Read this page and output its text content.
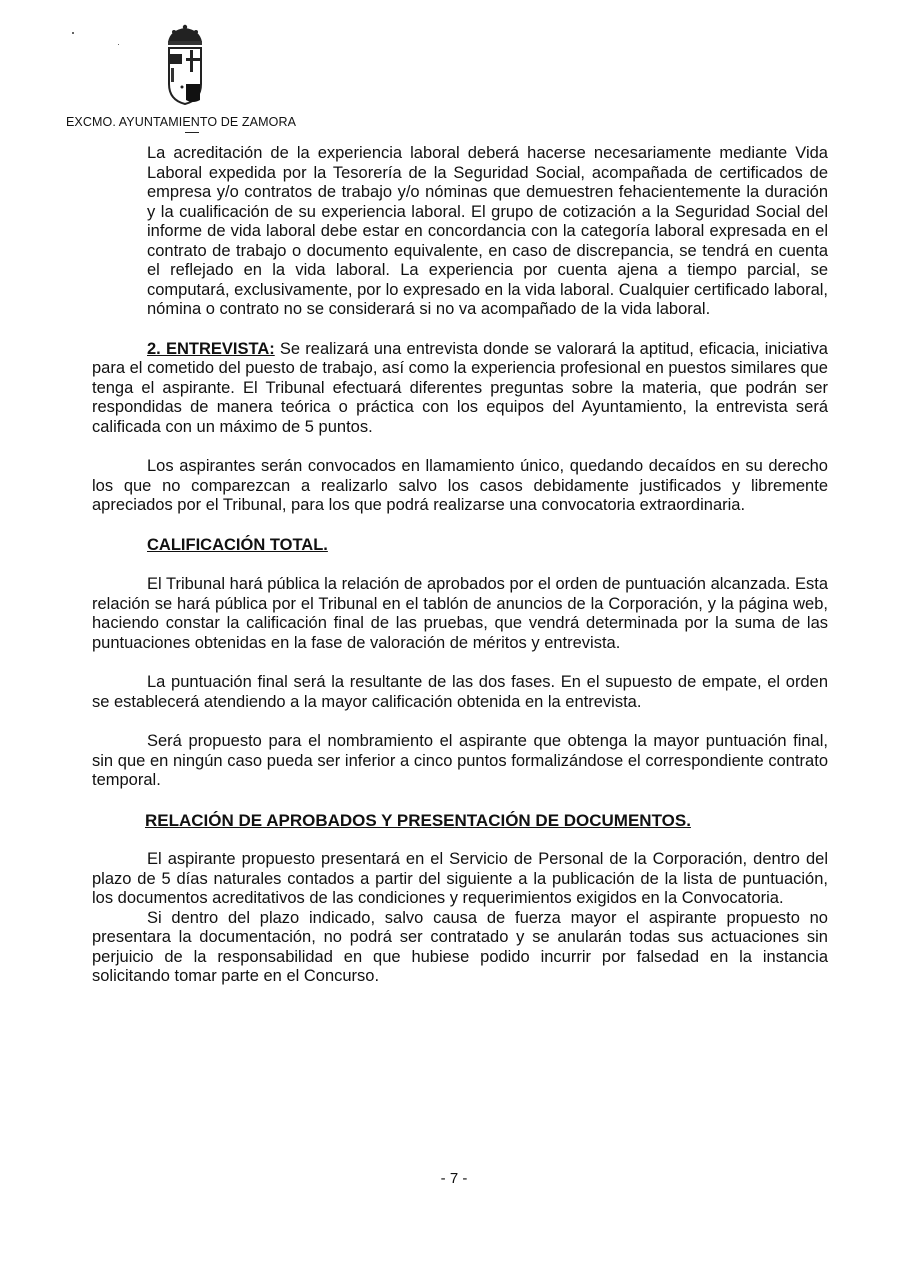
EXCMO. AYUNTAMIENTO DE ZAMORA

La acreditación de la experiencia laboral deberá hacerse necesariamente mediante Vida Laboral expedida por la Tesorería de la Seguridad Social, acompañada de certificados de empresa y/o contratos de trabajo y/o nóminas que demuestren fehacientemente la duración y la cualificación de su experiencia laboral. El grupo de cotización a la Seguridad Social del informe de vida laboral debe estar en concordancia con la categoría laboral expresada en el contrato de trabajo o documento equivalente, en caso de discrepancia, se tendrá en cuenta el reflejado en la vida laboral. La experiencia por cuenta ajena a tiempo parcial, se computará, exclusivamente, por lo expresado en la vida laboral. Cualquier certificado laboral, nómina o contrato no se considerará si no va acompañado de la vida laboral.

2. ENTREVISTA: Se realizará una entrevista donde se valorará la aptitud, eficacia, iniciativa para el cometido del puesto de trabajo, así como la experiencia profesional en puestos similares que tenga el aspirante. El Tribunal efectuará diferentes preguntas sobre la materia, que podrán ser respondidas de manera teórica o práctica con los equipos del Ayuntamiento, la entrevista será calificada con un máximo de 5 puntos.

Los aspirantes serán convocados en llamamiento único, quedando decaídos en su derecho los que no comparezcan a realizarlo salvo los casos debidamente justificados y libremente apreciados por el Tribunal, para los que podrá realizarse una convocatoria extraordinaria.

CALIFICACIÓN TOTAL.

El Tribunal hará pública la relación de aprobados por el orden de puntuación alcanzada. Esta relación se hará pública por el Tribunal en el tablón de anuncios de la Corporación, y la página web, haciendo constar la calificación final de las pruebas, que vendrá determinada por la suma de las puntuaciones obtenidas en la fase de valoración de méritos y entrevista.

La puntuación final será la resultante de las dos fases. En el supuesto de empate, el orden se establecerá atendiendo a la mayor calificación obtenida en la entrevista.

Será propuesto para el nombramiento el aspirante que obtenga la mayor puntuación final, sin que en ningún caso pueda ser inferior a cinco puntos formalizándose el correspondiente contrato temporal.

RELACIÓN DE APROBADOS Y PRESENTACIÓN DE DOCUMENTOS.

El aspirante propuesto presentará en el Servicio de Personal de la Corporación, dentro del plazo de 5 días naturales contados a partir del siguiente a la publicación de la lista de puntuación, los documentos acreditativos de las condiciones y requerimientos exigidos en la Convocatoria.

Si dentro del plazo indicado, salvo causa de fuerza mayor el aspirante propuesto no presentara la documentación, no podrá ser contratado y se anularán todas sus actuaciones sin perjuicio de la responsabilidad en que hubiese podido incurrir por falsedad en la instancia solicitando tomar parte en el Concurso.

- 7 -
